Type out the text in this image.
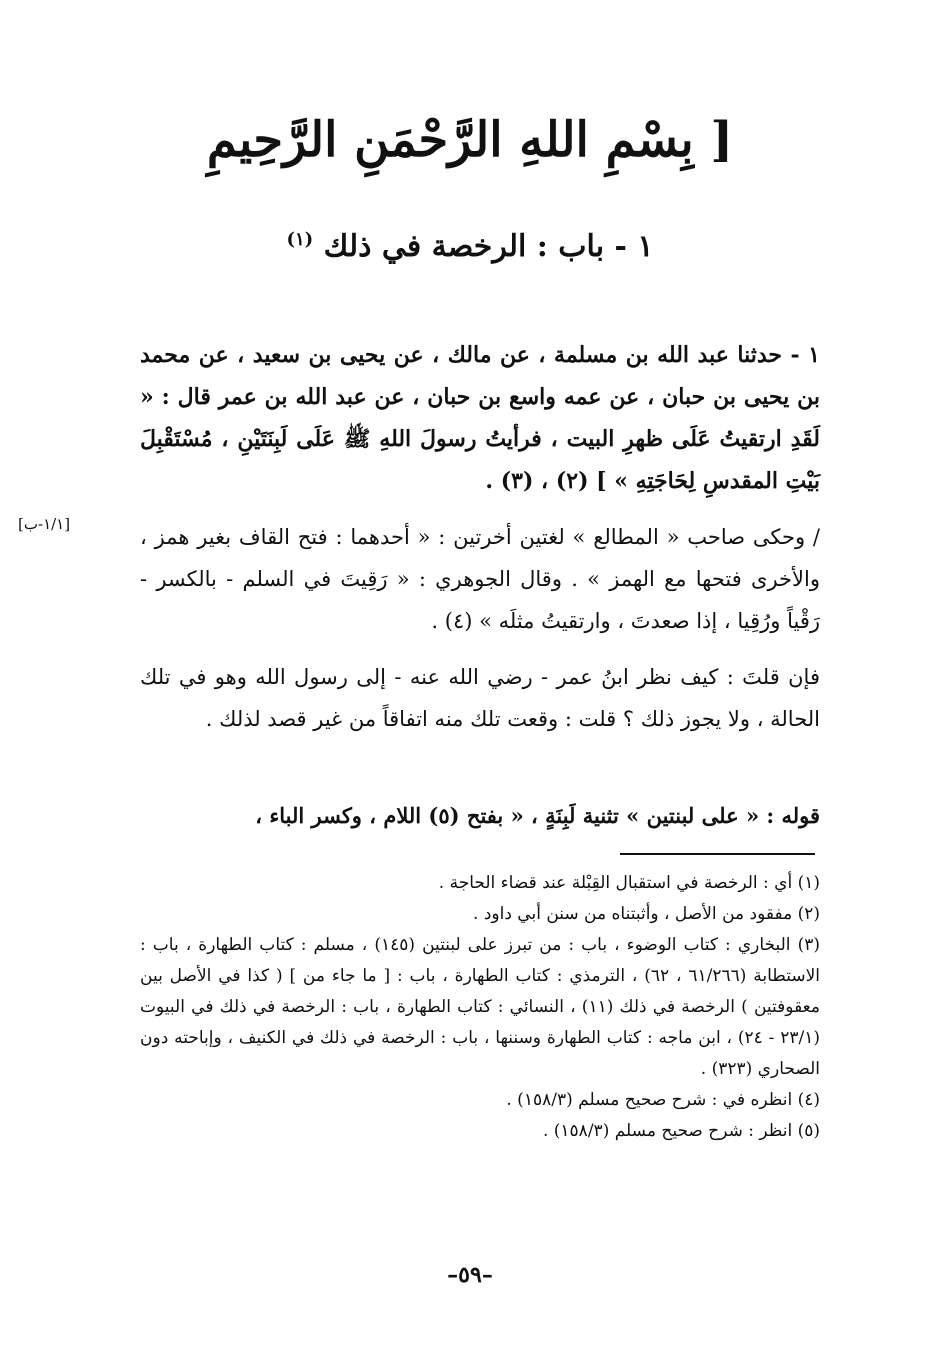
[ بِسْمِ اللهِ الرَّحْمَنِ الرَّحِيمِ
١ - باب : الرخصة في ذلك $^{(١)}$

١ - حدثنا عبد الله بن مسلمة ، عن مالك ، عن يحيى بن سعيد ، عن محمد بن يحيى بن حبان ، عن عمه واسع بن حبان ، عن عبد الله بن عمر قال : « لَقَدِ ارتقيتُ عَلَى ظهرِ البيت ، فرأيتُ رسولَ اللهِ ﷺ عَلَى لَبِنَتَيْنِ ، مُسْتَقْبِلَ بَيْتِ المقدسِ لِحَاجَتِهِ » ] (٢) ، (٣) .

[١/١-ب]

/ وحكى صاحب « المطالع » لغتين أخرتين : « أحدهما : فتح القاف بغير همز ، والأخرى فتحها مع الهمز » . وقال الجوهري : « رَقِيتَ في السلم - بالكسر - رَقْياً ورُقِيا ، إذا صعدتَ ، وارتقيتُ مثلَه » (٤) .

فإن قلتَ : كيف نظر ابنُ عمر - رضي الله عنه - إلى رسول الله وهو في تلك الحالة ، ولا يجوز ذلك ؟ قلت : وقعت تلك منه اتفاقاً من غير قصد لذلك .

قوله : « على لبنتين » تثنية لَبِنَةٍ ، « بفتح (٥) اللام ، وكسر الباء ،

(١) أي : الرخصة في استقبال القِبْلة عند قضاء الحاجة .

(٢) مفقود من الأصل ، وأثبتناه من سنن أبي داود .

(٣) البخاري : كتاب الوضوء ، باب : من تبرز على لبنتين (١٤٥) ، مسلم : كتاب الطهارة ، باب : الاستطابة (٦١/٢٦٦ ، ٦٢) ، الترمذي : كتاب الطهارة ، باب : [ ما جاء من ] ( كذا في الأصل بين معقوفتين ) الرخصة في ذلك (١١) ، النسائي : كتاب الطهارة ، باب : الرخصة في ذلك في البيوت (٢٣/١ - ٢٤) ، ابن ماجه : كتاب الطهارة وسننها ، باب : الرخصة في ذلك في الكنيف ، وإباحته دون الصحاري (٣٢٣) .

(٤) انظره في : شرح صحيح مسلم (١٥٨/٣) .

(٥) انظر : شرح صحيح مسلم (١٥٨/٣) .

–٥٩–
